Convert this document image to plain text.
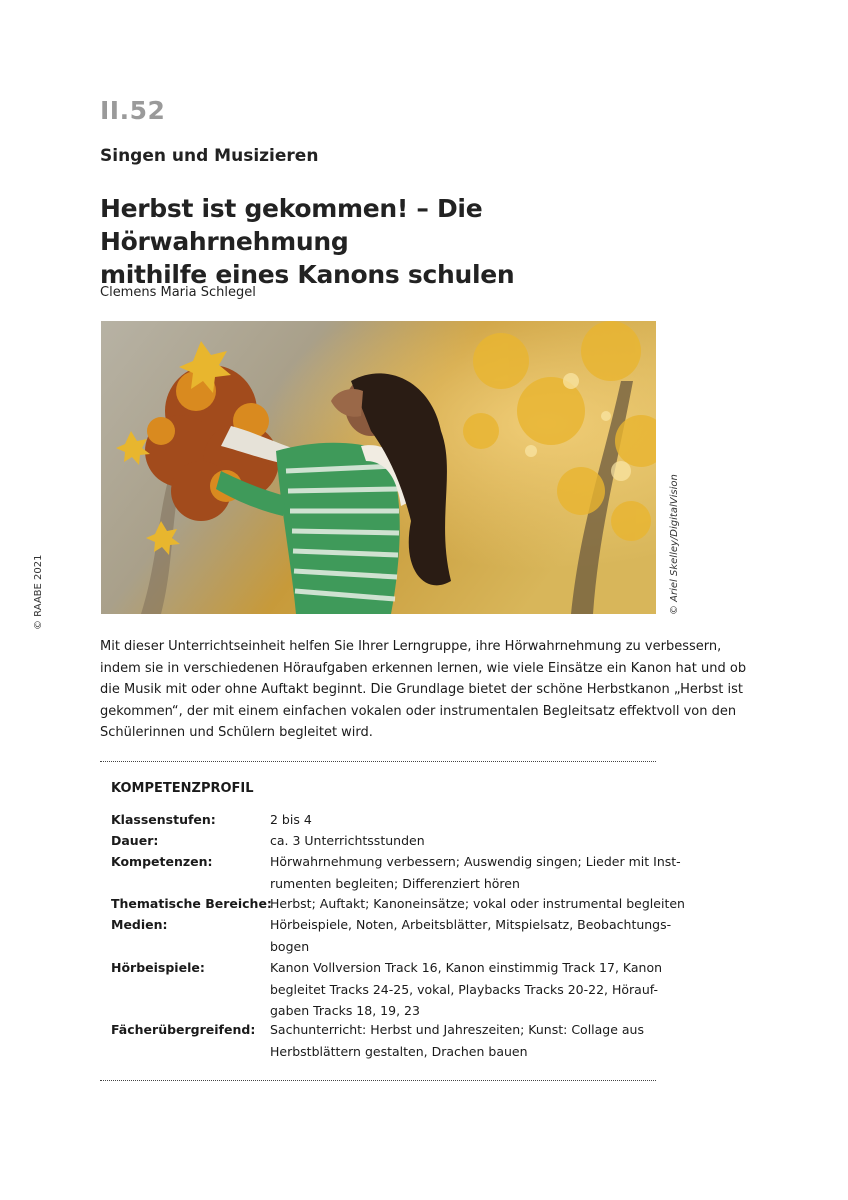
II.52
Singen und Musizieren
Herbst ist gekommen! – Die Hörwahrnehmung
mithilfe eines Kanons schulen
Clemens Maria Schlegel
© Ariel Skelley/DigitalVision
© RAABE 2021
Mit dieser Unterrichtseinheit helfen Sie Ihrer Lerngruppe, ihre Hörwahrnehmung zu verbessern,
indem sie in verschiedenen Höraufgaben erkennen lernen, wie viele Einsätze ein Kanon hat und ob
die Musik mit oder ohne Auftakt beginnt. Die Grundlage bietet der schöne Herbstkanon „Herbst ist
gekommen“, der mit einem einfachen vokalen oder instrumentalen Begleitsatz effektvoll von den
Schülerinnen und Schülern begleitet wird.
KOMPETENZPROFIL
Klassenstufen:	2 bis 4
Dauer:	ca. 3 Unterrichtsstunden
Kompetenzen:	Hörwahrnehmung verbessern; Auswendig singen; Lieder mit Inst-
rumenten begleiten; Differenziert hören
Thematische Bereiche:
Herbst; Auftakt; Kanoneinsätze; vokal oder instrumental begleiten
Medien:	Hörbeispiele, Noten, Arbeitsblätter, Mitspielsatz, Beobachtungs-
bogen
Hörbeispiele:	Kanon Vollversion Track 16, Kanon einstimmig Track 17, Kanon
begleitet Tracks 24-25, vokal, Playbacks Tracks 20-22, Hörauf-
gaben Tracks 18, 19, 23
Fächerübergreifend: Sachunterricht: Herbst und Jahreszeiten; Kunst: Collage aus
Herbstblättern gestalten, Drachen bauen
